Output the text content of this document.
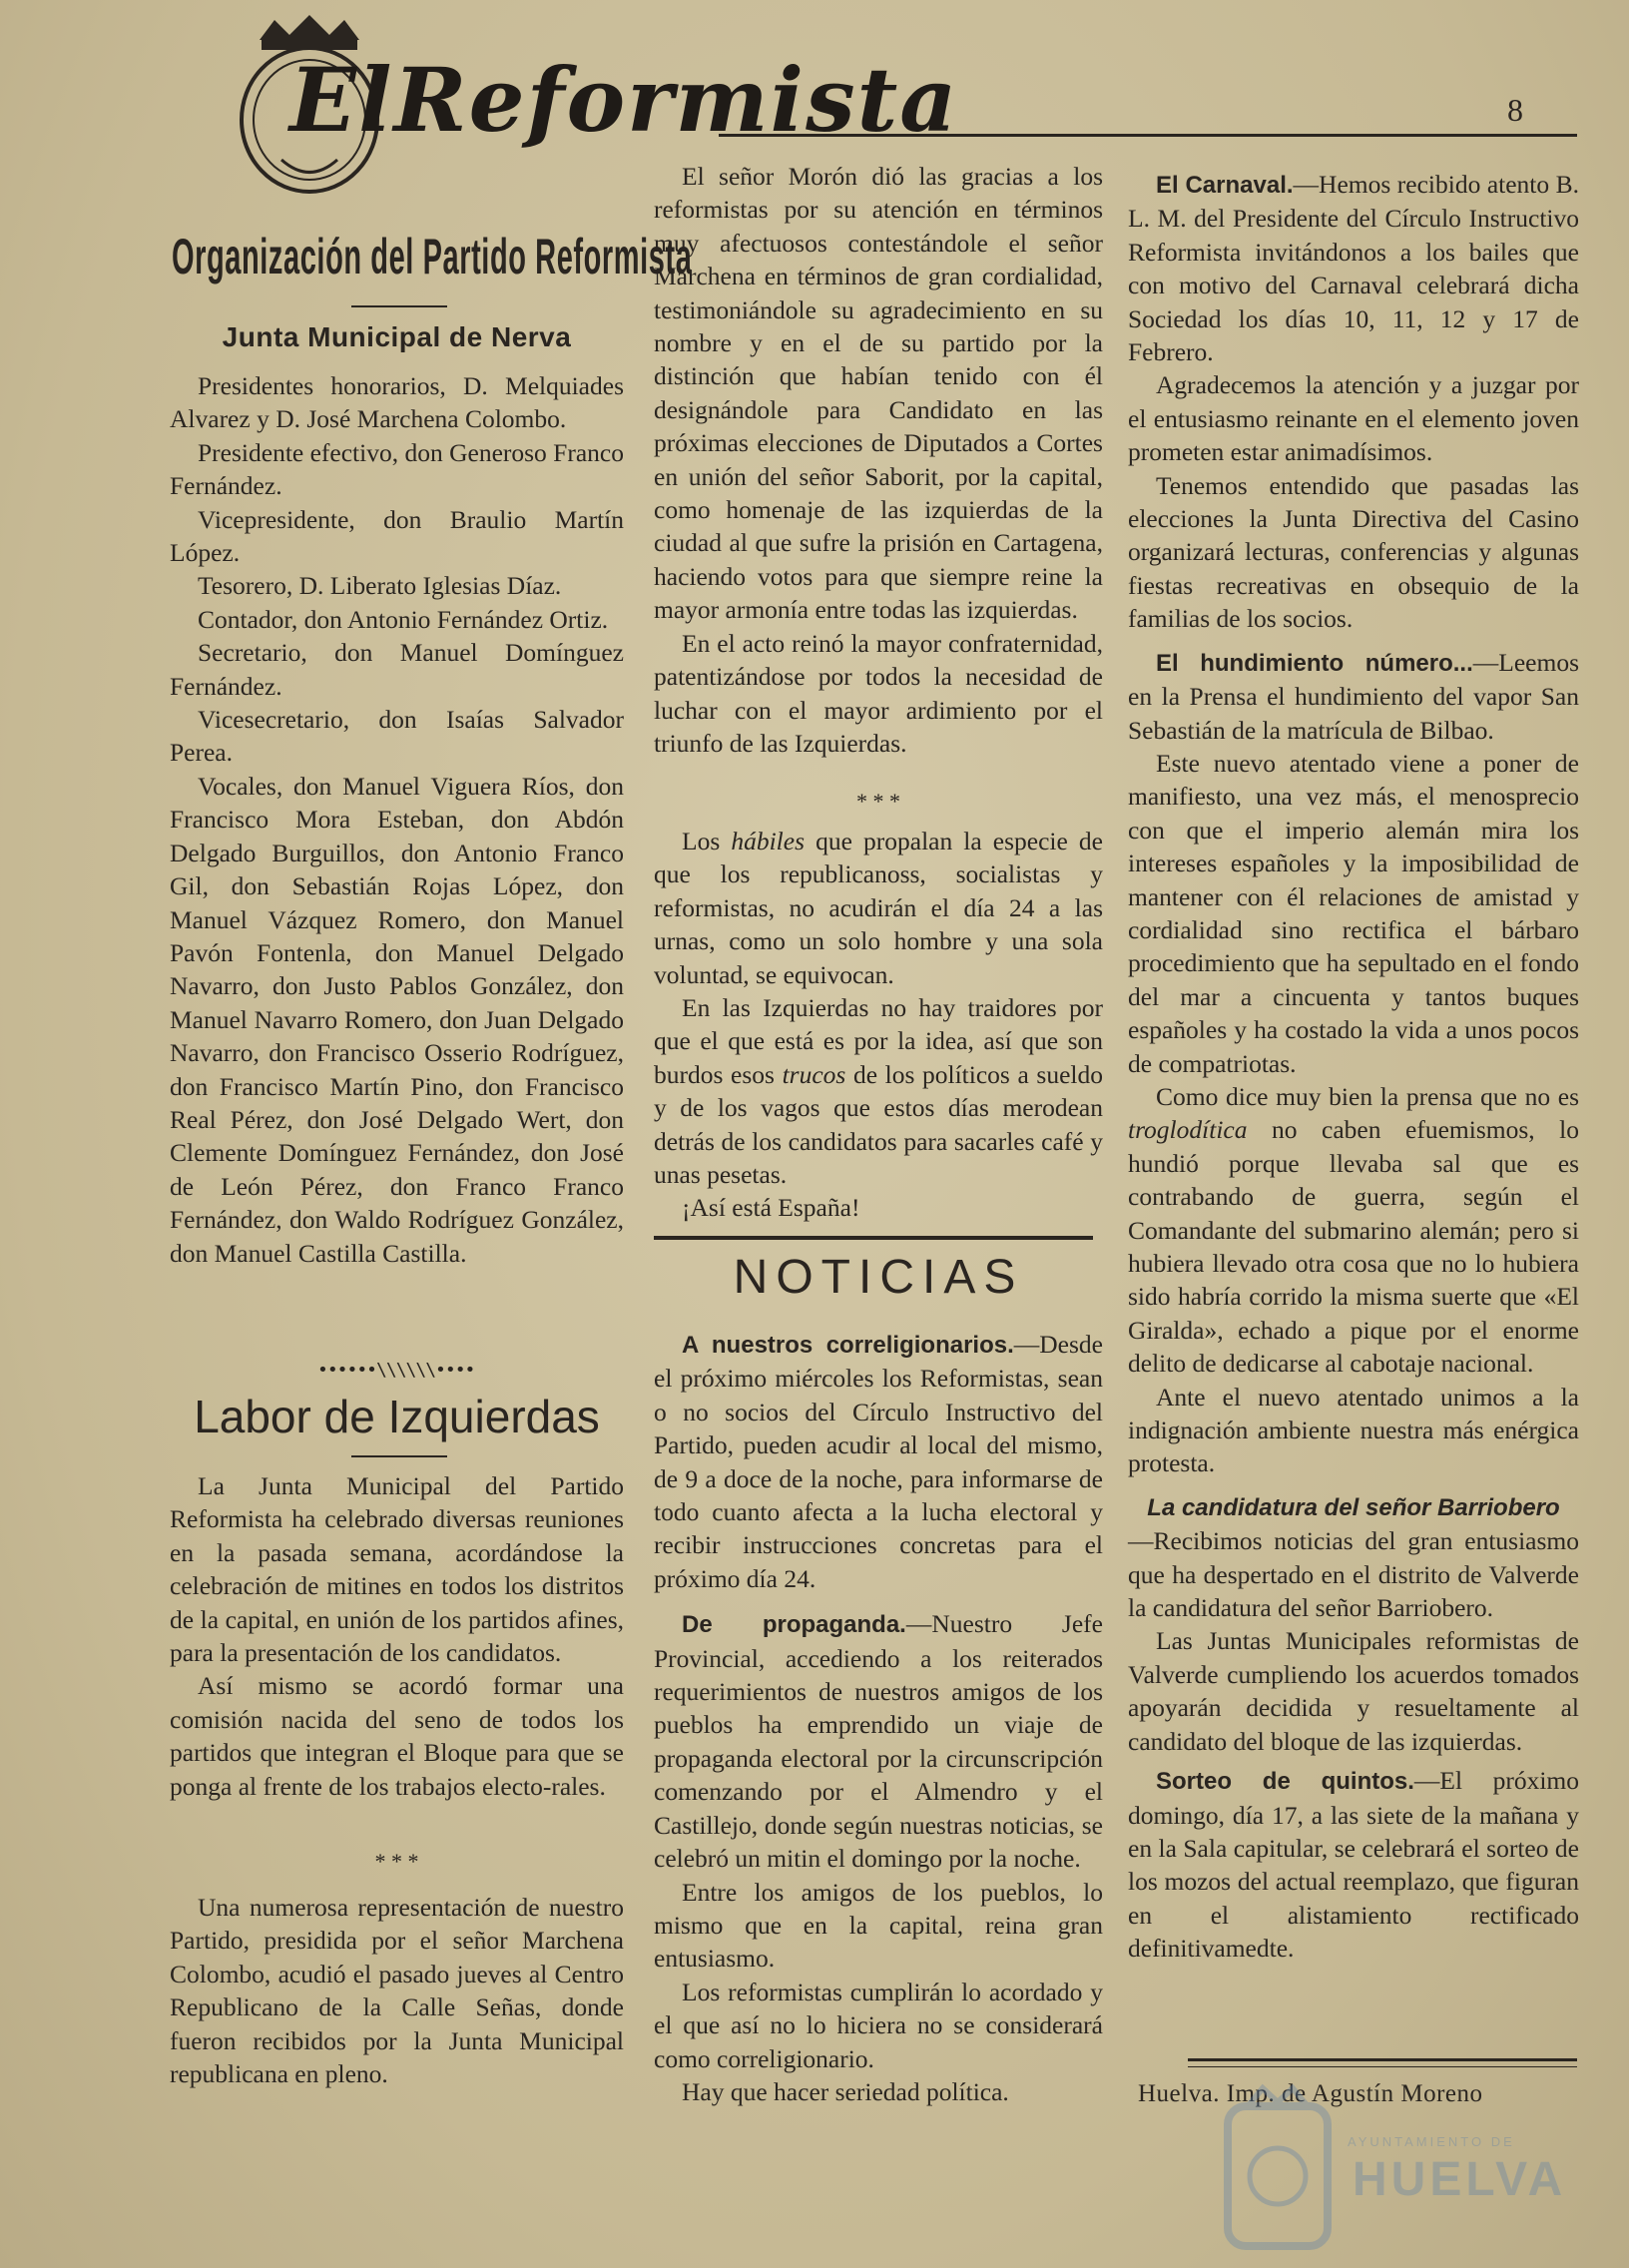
ElReformista	8
Organización del Partido Reformista
Junta Municipal de Nerva

Presidentes honorarios, D. Melquiades Alvarez y D. José Marchena Colombo.

Presidente efectivo, don Generoso Franco Fernández.

Vicepresidente, don Braulio Martín López.

Tesorero, D. Liberato Iglesias Díaz.

Contador, don Antonio Fernández Ortiz.

Secretario, don Manuel Domínguez Fernández.

Vicesecretario, don Isaías Salvador Perea.

Vocales, don Manuel Viguera Ríos, don Francisco Mora Esteban, don Abdón Delgado Burguillos, don Antonio Franco Gil, don Sebastián Rojas López, don Manuel Vázquez Romero, don Manuel Pavón Fontenla, don Manuel Delgado Navarro, don Justo Pablos González, don Manuel Navarro Romero, don Juan Delgado Navarro, don Francisco Osserio Rodríguez, don Francisco Martín Pino, don Francisco Real Pérez, don José Delgado Wert, don Clemente Domínguez Fernández, don José de León Pérez, don Franco Franco Fernández, don Waldo Rodríguez González, don Manuel Castilla Castilla.

••••••\\\\\\••••
Labor de Izquierdas

La Junta Municipal del Partido Reformista ha celebrado diversas reuniones en la pasada semana, acordándose la celebración de mitines en todos los distritos de la capital, en unión de los partidos afines, para la presentación de los candidatos.

Así mismo se acordó formar una comisión nacida del seno de todos los partidos que integran el Bloque para que se ponga al frente de los trabajos electo-rales.

* * *

Una numerosa representación de nuestro Partido, presidida por el señor Marchena Colombo, acudió el pasado jueves al Centro Republicano de la Calle Señas, donde fueron recibidos por la Junta Municipal republicana en pleno.

El señor Morón dió las gracias a los reformistas por su atención en términos muy afectuosos contestándole el señor Marchena en términos de gran cordialidad, testimoniándole su agradecimiento en su nombre y en el de su partido por la distinción que habían tenido con él designándole para Candidato en las próximas elecciones de Diputados a Cortes en unión del señor Saborit, por la capital, como homenaje de las izquierdas de la ciudad al que sufre la prisión en Cartagena, haciendo votos para que siempre reine la mayor armonía entre todas las izquierdas.

En el acto reinó la mayor confraternidad, patentizándose por todos la necesidad de luchar con el mayor ardimiento por el triunfo de las Izquierdas.

* * *

Los hábiles que propalan la especie de que los republicanoss, socialistas y reformistas, no acudirán el día 24 a las urnas, como un solo hombre y una sola voluntad, se equivocan.

En las Izquierdas no hay traidores por que el que está es por la idea, así que son burdos esos trucos de los políticos a sueldo y de los vagos que estos días merodean detrás de los candidatos para sacarles café y unas pesetas.

¡Así está España!

NOTICIAS

A nuestros correligionarios.—Desde el próximo miércoles los Reformistas, sean o no socios del Círculo Instructivo del Partido, pueden acudir al local del mismo, de 9 a doce de la noche, para informarse de todo cuanto afecta a la lucha electoral y recibir instrucciones concretas para el próximo día 24.

De propaganda.—Nuestro Jefe Provincial, accediendo a los reiterados requerimientos de nuestros amigos de los pueblos ha emprendido un viaje de propaganda electoral por la circunscripción comenzando por el Almendro y el Castillejo, donde según nuestras noticias, se celebró un mitin el domingo por la noche.

Entre los amigos de los pueblos, lo mismo que en la capital, reina gran entusiasmo.

Los reformistas cumplirán lo acordado y el que así no lo hiciera no se considerará como correligionario.

Hay que hacer seriedad política.

El Carnaval.—Hemos recibido atento B. L. M. del Presidente del Círculo Instructivo Reformista invitándonos a los bailes que con motivo del Carnaval celebrará dicha Sociedad los días 10, 11, 12 y 17 de Febrero.

Agradecemos la atención y a juzgar por el entusiasmo reinante en el elemento joven prometen estar animadísimos.

Tenemos entendido que pasadas las elecciones la Junta Directiva del Casino organizará lecturas, conferencias y algunas fiestas recreativas en obsequio de la familias de los socios.

El hundimiento número...—Leemos en la Prensa el hundimiento del vapor San Sebastián de la matrícula de Bilbao.

Este nuevo atentado viene a poner de manifiesto, una vez más, el menosprecio con que el imperio alemán mira los intereses españoles y la imposibilidad de mantener con él relaciones de amistad y cordialidad sino rectifica el bárbaro procedimiento que ha sepultado en el fondo del mar a cincuenta y tantos buques españoles y ha costado la vida a unos pocos de compatriotas.

Como dice muy bien la prensa que no es troglodítica no caben efuemismos, lo hundió porque llevaba sal que es contrabando de guerra, según el Comandante del submarino alemán; pero si hubiera llevado otra cosa que no lo hubiera sido habría corrido la misma suerte que «El Giralda», echado a pique por el enorme delito de dedicarse al cabotaje nacional.

Ante el nuevo atentado unimos a la indignación ambiente nuestra más enérgica protesta.

La candidatura del señor Barriobero

—Recibimos noticias del gran entusiasmo que ha despertado en el distrito de Valverde la candidatura del señor Barriobero.

Las Juntas Municipales reformistas de Valverde cumpliendo los acuerdos tomados apoyarán decidida y resueltamente al candidato del bloque de las izquierdas.

Sorteo de quintos.—El próximo domingo, día 17, a las siete de la mañana y en la Sala capitular, se celebrará el sorteo de los mozos del actual reemplazo, que figuran en el alistamiento rectificado definitivamedte.

Huelva. Imp. de Agustín Moreno
AYUNTAMIENTO DE
HUELVA
